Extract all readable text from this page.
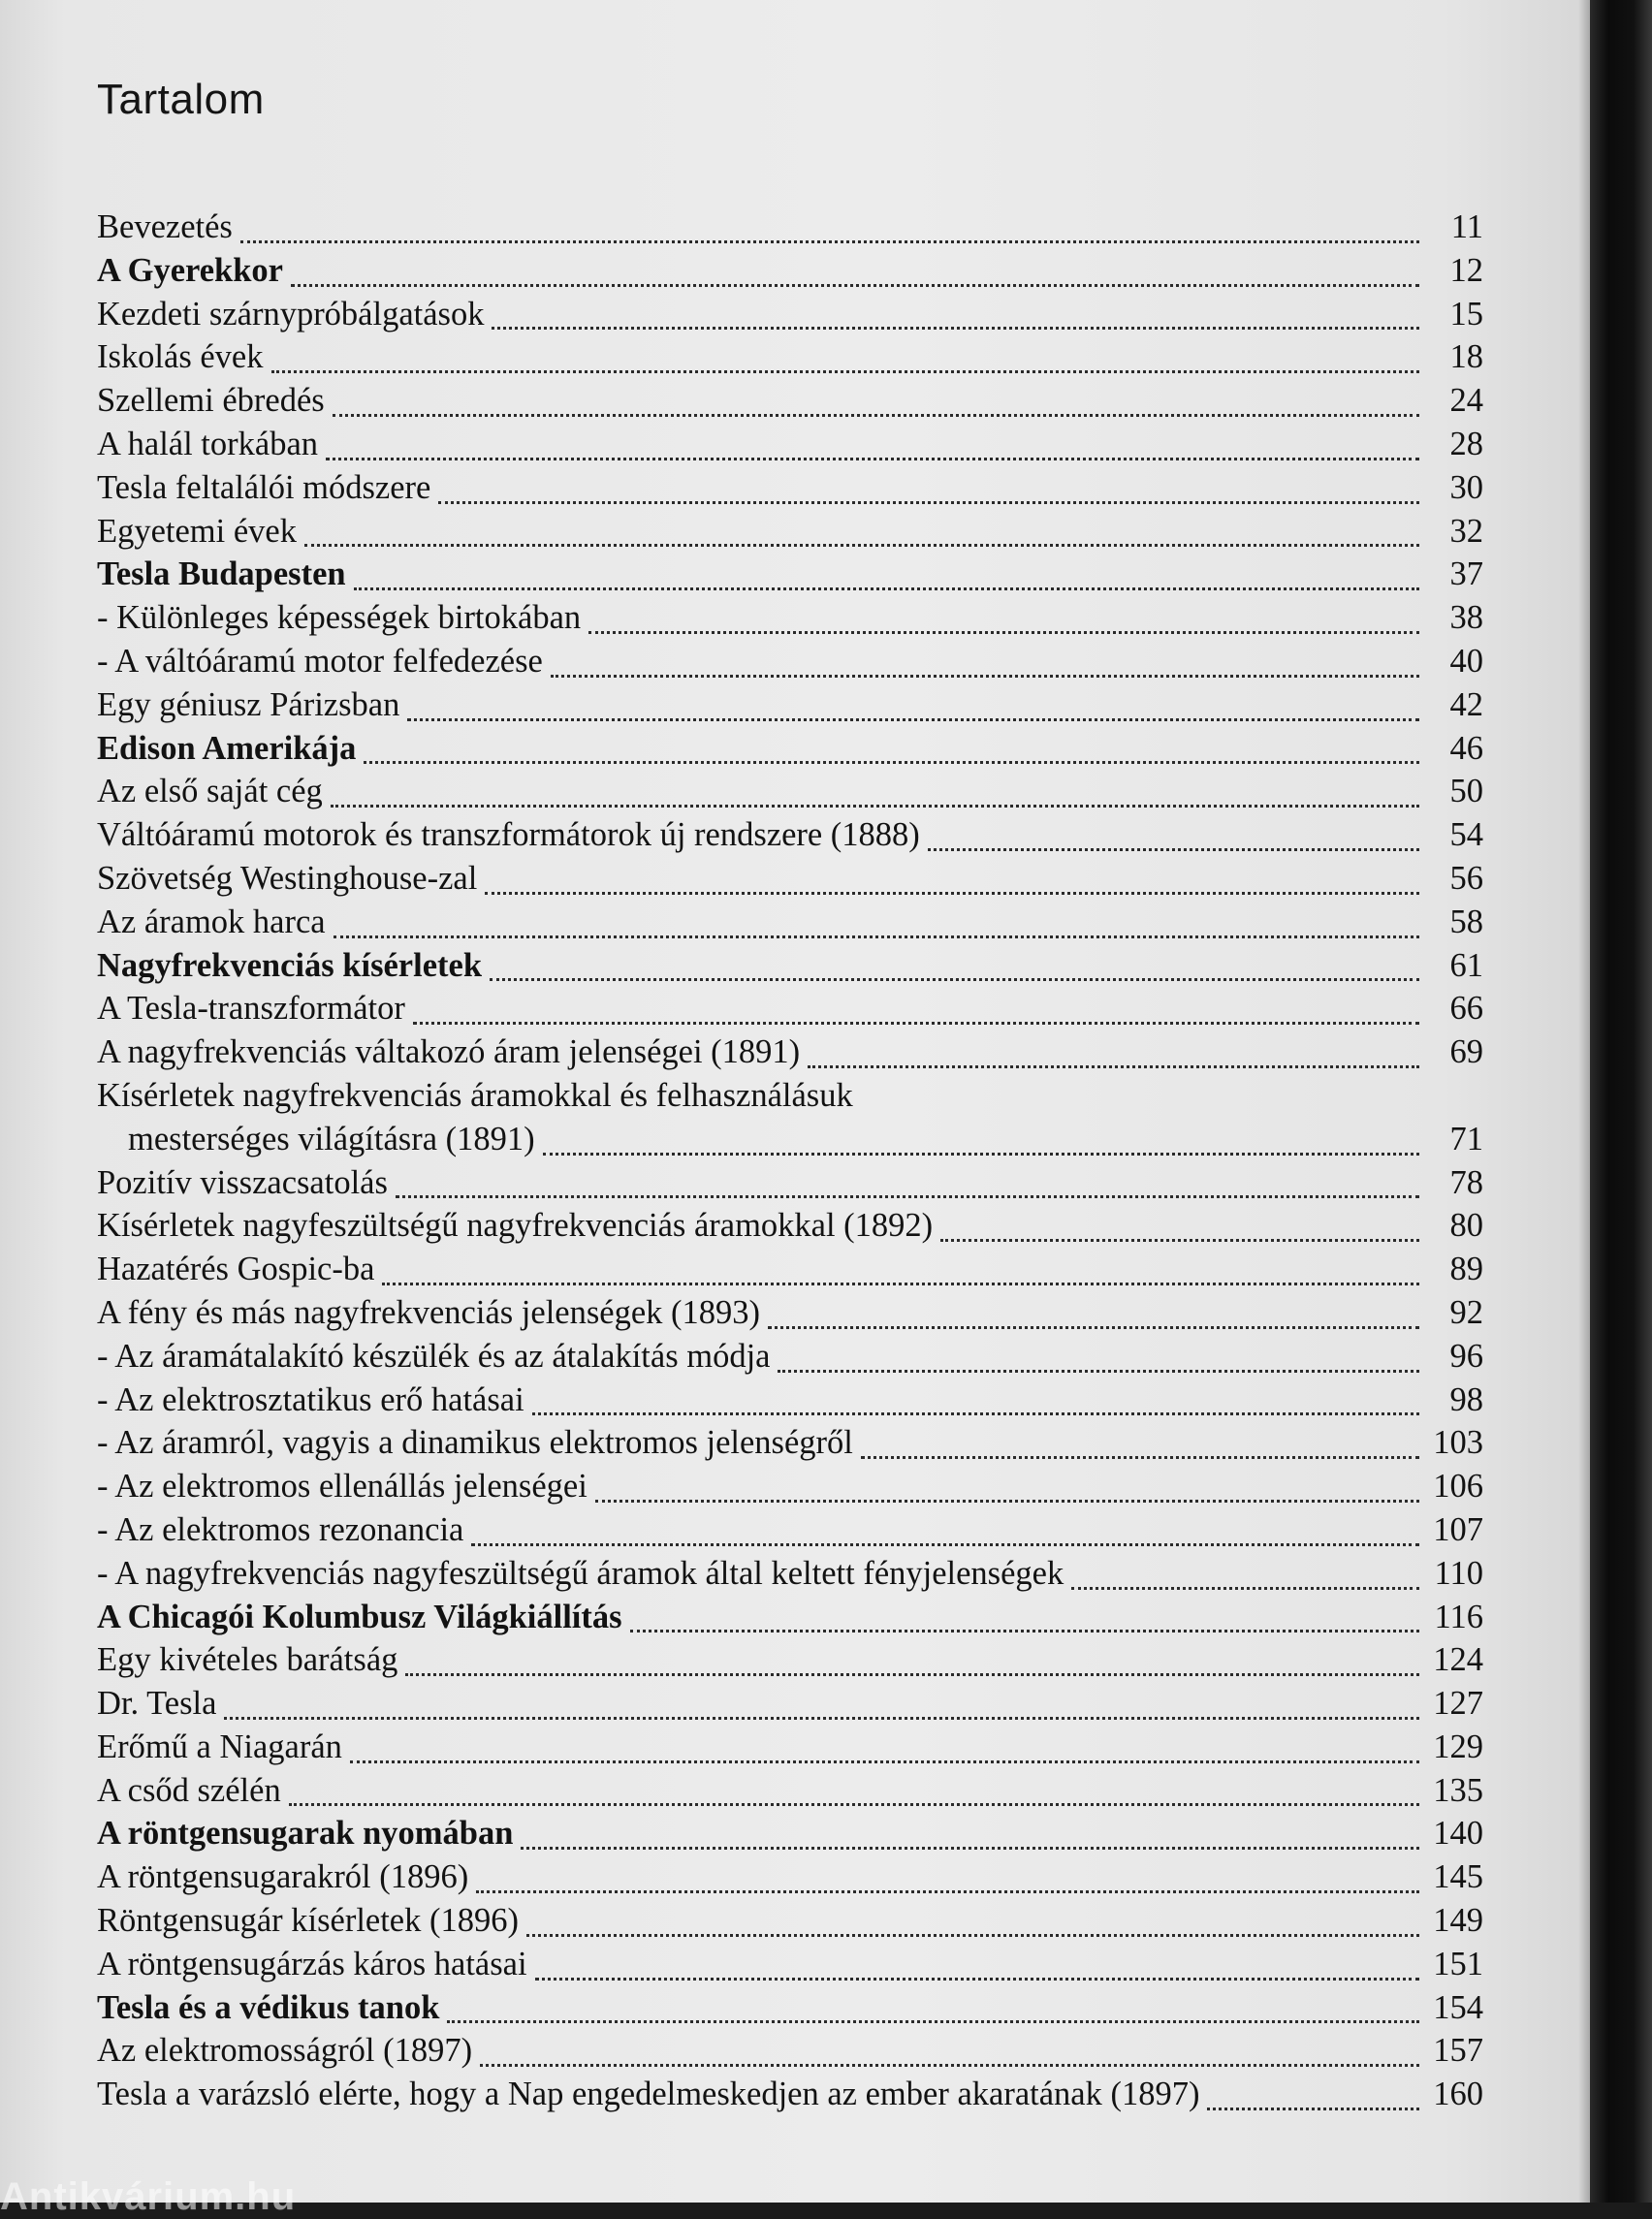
Tartalom
Bevezetés	11
A Gyerekkor	12
Kezdeti szárnypróbálgatások	15
Iskolás évek	18
Szellemi ébredés	24
A halál torkában	28
Tesla feltalálói módszere	30
Egyetemi évek	32
Tesla Budapesten	37
- Különleges képességek birtokában	38
- A váltóáramú motor felfedezése	40
Egy géniusz Párizsban	42
Edison Amerikája	46
Az első saját cég	50
Váltóáramú motorok és transzformátorok új rendszere (1888)	54
Szövetség Westinghouse-zal	56
Az áramok harca	58
Nagyfrekvenciás kísérletek	61
A Tesla-transzformátor	66
A nagyfrekvenciás váltakozó áram jelenségei (1891)	69
Kísérletek nagyfrekvenciás áramokkal és felhasználásuk
mesterséges világításra (1891)	71
Pozitív visszacsatolás	78
Kísérletek nagyfeszültségű nagyfrekvenciás áramokkal (1892)	80
Hazatérés Gospic-ba	89
A fény és más nagyfrekvenciás jelenségek (1893)	92
- Az áramátalakító készülék és az átalakítás módja	96
- Az elektrosztatikus erő hatásai	98
- Az áramról, vagyis a dinamikus elektromos jelenségről	103
- Az elektromos ellenállás jelenségei	106
- Az elektromos rezonancia	107
- A nagyfrekvenciás nagyfeszültségű áramok által keltett fényjelenségek	110
A Chicagói Kolumbusz Világkiállítás	116
Egy kivételes barátság	124
Dr. Tesla	127
Erőmű a Niagarán	129
A csőd szélén	135
A röntgensugarak nyomában	140
A röntgensugarakról (1896)	145
Röntgensugár kísérletek (1896)	149
A röntgensugárzás káros hatásai	151
Tesla és a védikus tanok	154
Az elektromosságról (1897)	157
Tesla a varázsló elérte, hogy a Nap engedelmeskedjen az ember akaratának (1897)	160
Antikvárium.hu
